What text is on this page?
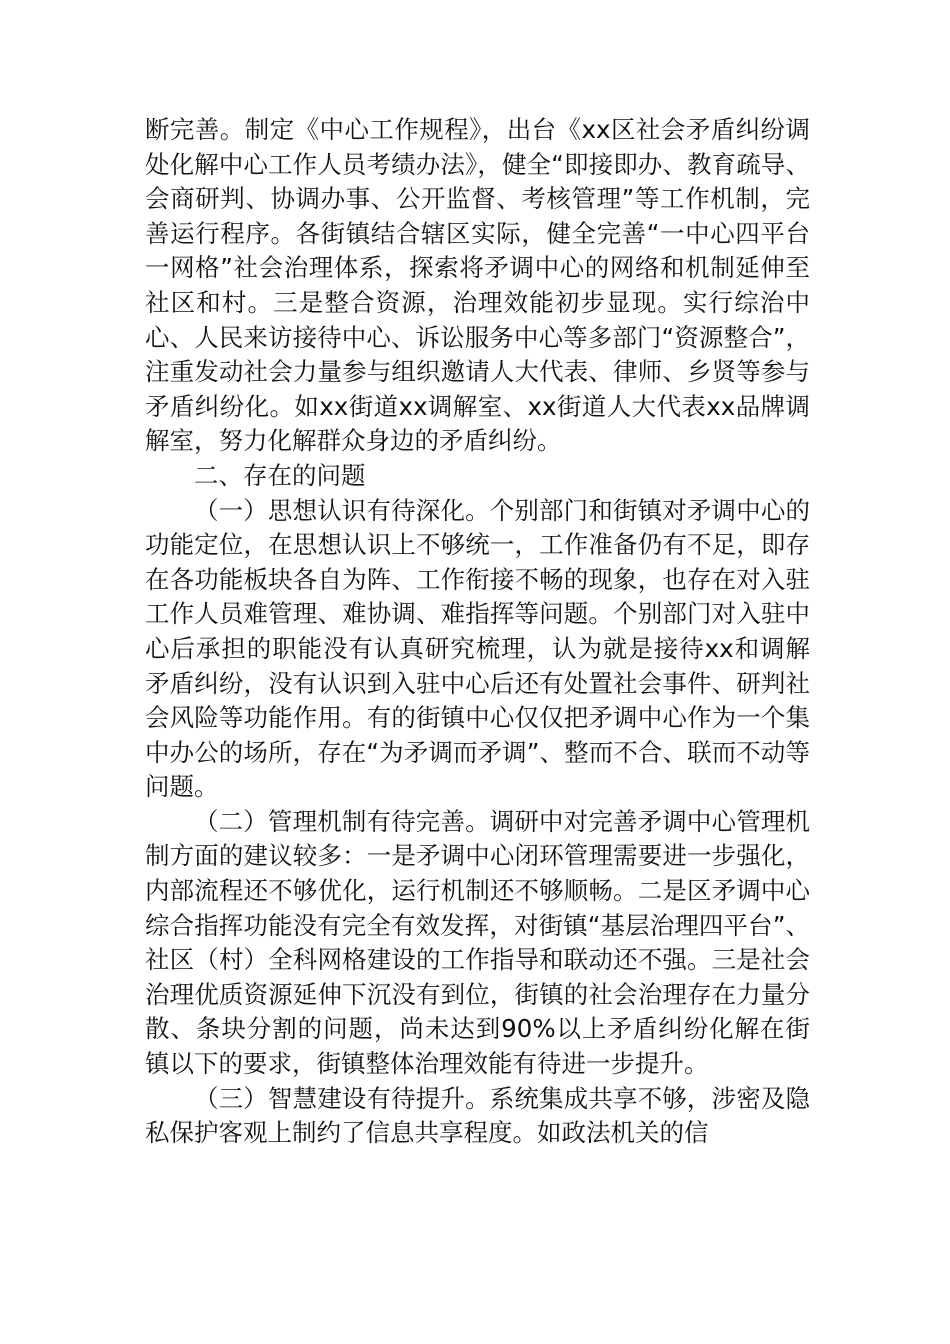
断完善。制定《中心工作规程》，出台《xx区社会矛盾纠纷调处化解中心工作人员考绩办法》，健全“即接即办、教育疏导、会商研判、协调办事、公开监督、考核管理”等工作机制，完善运行程序。各街镇结合辖区实际，健全完善“一中心四平台一网格”社会治理体系，探索将矛调中心的网络和机制延伸至社区和村。三是整合资源，治理效能初步显现。实行综治中心、人民来访接待中心、诉讼服务中心等多部门“资源整合”，注重发动社会力量参与组织邀请人大代表、律师、乡贤等参与矛盾纠纷化。如xx街道xx调解室、xx街道人大代表xx品牌调解室，努力化解群众身边的矛盾纠纷。

二、存在的问题

（一）思想认识有待深化。个别部门和街镇对矛调中心的功能定位，在思想认识上不够统一，工作准备仍有不足，即存在各功能板块各自为阵、工作衔接不畅的现象，也存在对入驻工作人员难管理、难协调、难指挥等问题。个别部门对入驻中心后承担的职能没有认真研究梳理，认为就是接待xx和调解矛盾纠纷，没有认识到入驻中心后还有处置社会事件、研判社会风险等功能作用。有的街镇中心仅仅把矛调中心作为一个集中办公的场所，存在“为矛调而矛调”、整而不合、联而不动等问题。

（二）管理机制有待完善。调研中对完善矛调中心管理机制方面的建议较多：一是矛调中心闭环管理需要进一步强化，内部流程还不够优化，运行机制还不够顺畅。二是区矛调中心综合指挥功能没有完全有效发挥，对街镇“基层治理四平台”、社区（村）全科网格建设的工作指导和联动还不强。三是社会治理优质资源延伸下沉没有到位，街镇的社会治理存在力量分散、条块分割的问题，尚未达到90%以上矛盾纠纷化解在街镇以下的要求，街镇整体治理效能有待进一步提升。

（三）智慧建设有待提升。系统集成共享不够，涉密及隐私保护客观上制约了信息共享程度。如政法机关的信
